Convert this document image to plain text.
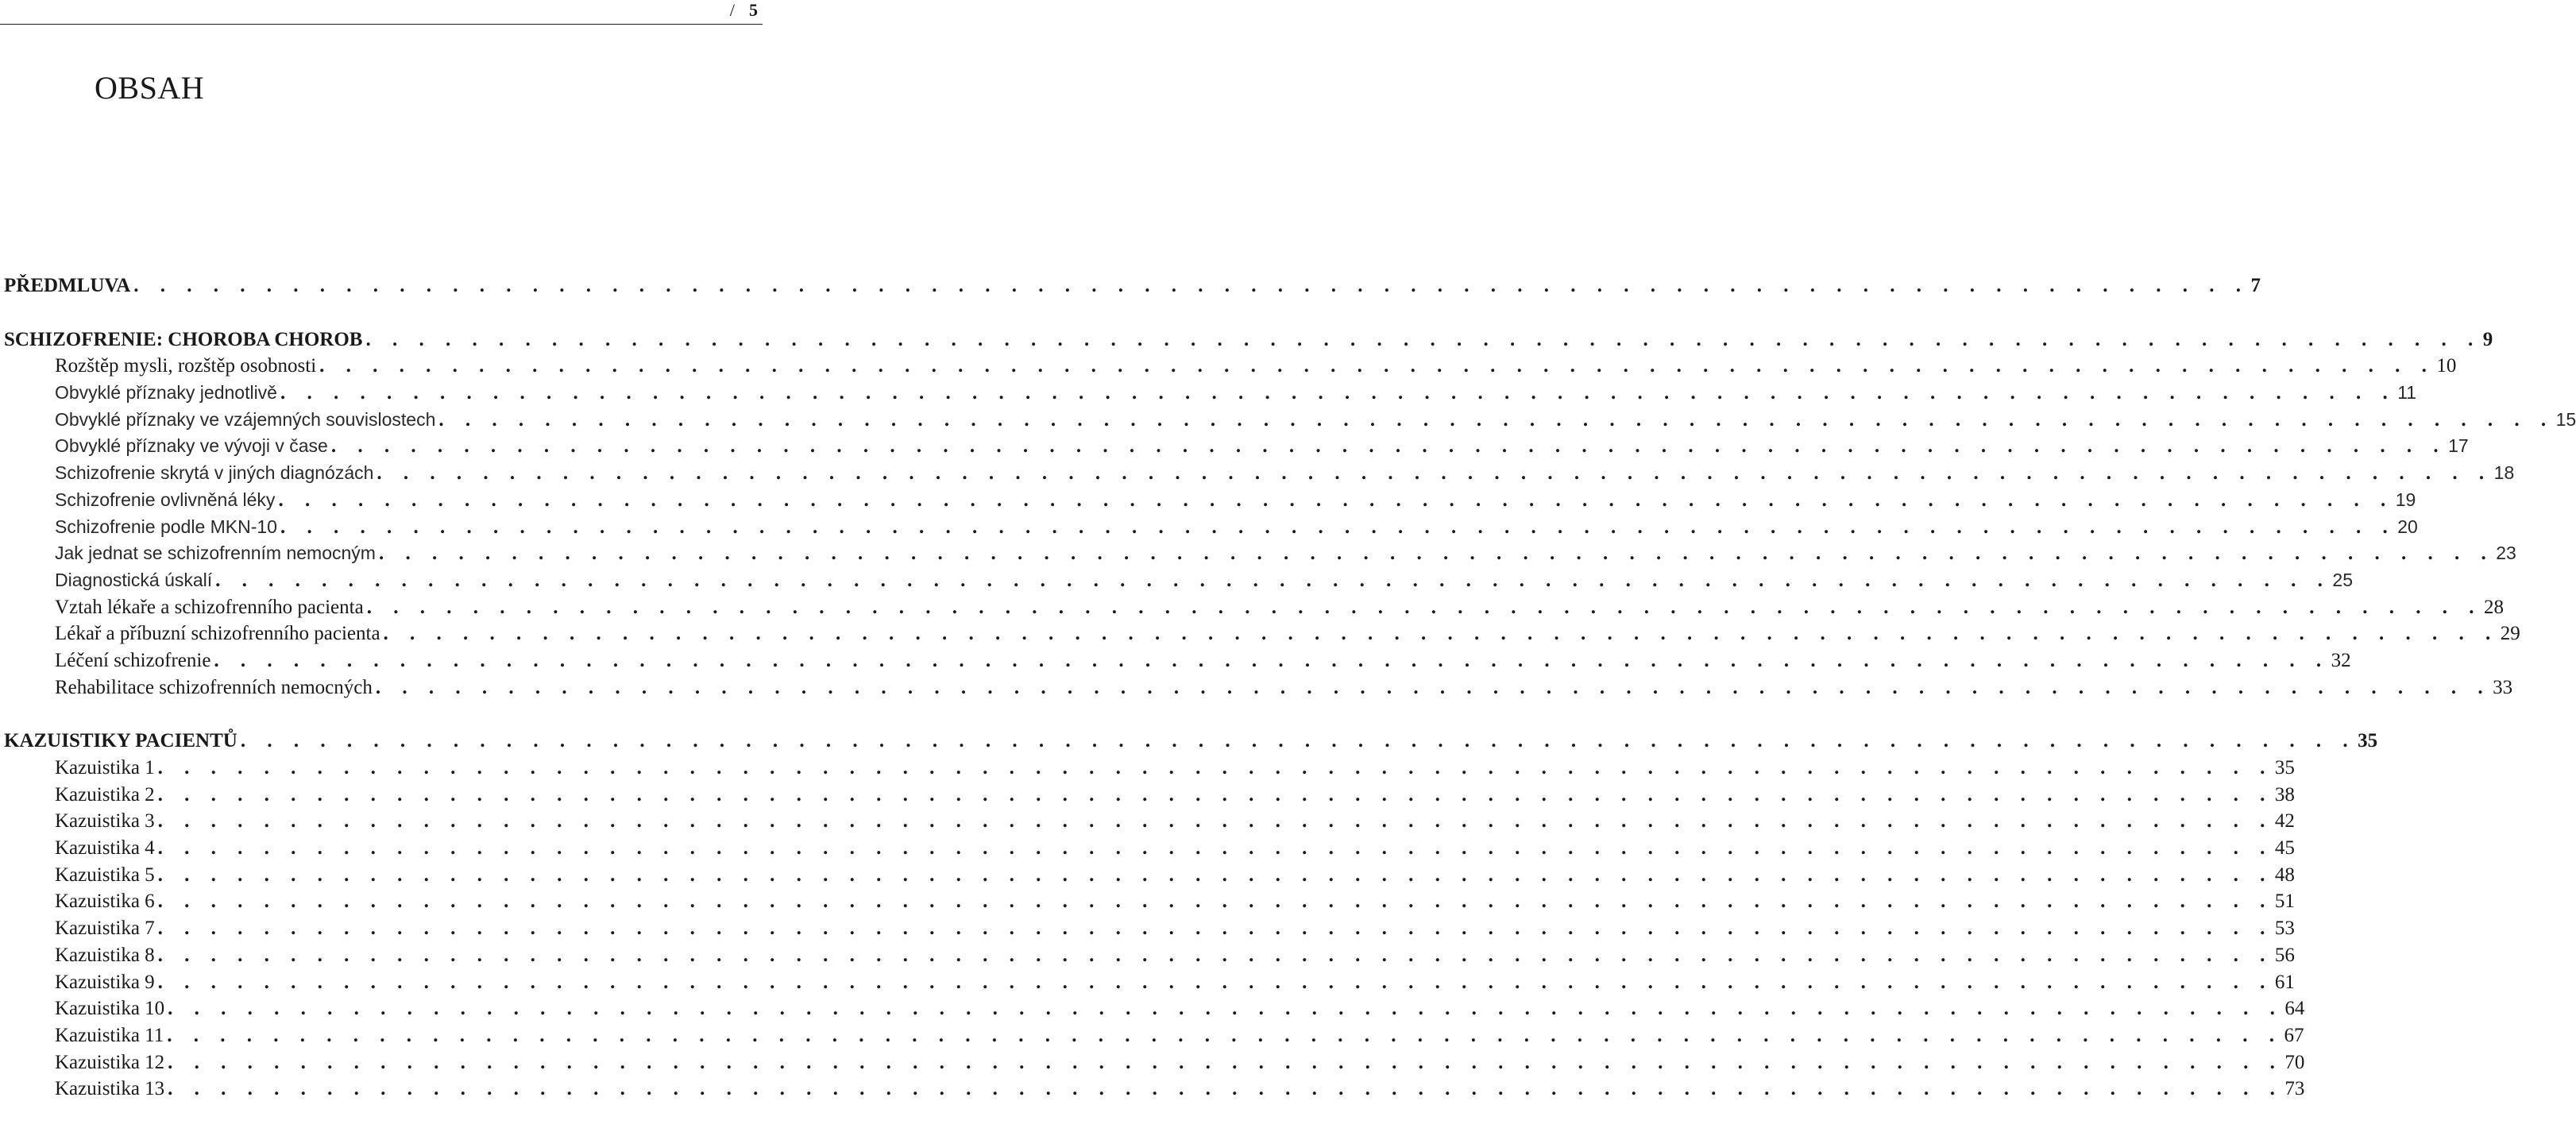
/ 5
OBSAH
PŘEDMLUVA . . . . . . . . . . . . . . . . . . . . . . . . . . . . . . . . . . . . . . . . . . . . . . . . . . . . . . . . . . . . . . . . . . . . . . . . . . . . . . . . 7
SCHIZOFRENIE: CHOROBA CHOROB . . . . . . . . . . . . . . . . . . . . . . . . . . . . . . . . . . . . . . . . . . . . . . . . . . . . . . . . . . . . . . . . . . . . . . . . . . . . . . . . 9
Rozštěp mysli, rozštěp osobnosti . . . . . . . . . . . . . . . . . . . . . . . . . . . . . . . . . . . . . . . . . . . . . . . . . . . . . . . . . . . . . . . . . . . . . . . . . . . . . . . . 10
Obvyklé příznaky jednotlivě . . . . . . . . . . . . . . . . . . . . . . . . . . . . . . . . . . . . . . . . . . . . . . . . . . . . . . . . . . . . . . . . . . . . . . . . . . . . . . . . 11
Obvyklé příznaky ve vzájemných souvislostech . . . . . . . . . . . . . . . . . . . . . . . . . . . . . . . . . . . . . . . . . . . . . . . . . . . . . . . . . . . . . . . . . . . . . . . . . . . . . . . . 15
Obvyklé příznaky ve vývoji v čase . . . . . . . . . . . . . . . . . . . . . . . . . . . . . . . . . . . . . . . . . . . . . . . . . . . . . . . . . . . . . . . . . . . . . . . . . . . . . . . . 17
Schizofrenie skrytá v jiných diagnózách . . . . . . . . . . . . . . . . . . . . . . . . . . . . . . . . . . . . . . . . . . . . . . . . . . . . . . . . . . . . . . . . . . . . . . . . . . . . . . . . 18
Schizofrenie ovlivněná léky . . . . . . . . . . . . . . . . . . . . . . . . . . . . . . . . . . . . . . . . . . . . . . . . . . . . . . . . . . . . . . . . . . . . . . . . . . . . . . . . 19
Schizofrenie podle MKN-10 . . . . . . . . . . . . . . . . . . . . . . . . . . . . . . . . . . . . . . . . . . . . . . . . . . . . . . . . . . . . . . . . . . . . . . . . . . . . . . . . 20
Jak jednat se schizofrenním nemocným . . . . . . . . . . . . . . . . . . . . . . . . . . . . . . . . . . . . . . . . . . . . . . . . . . . . . . . . . . . . . . . . . . . . . . . . . . . . . . . . 23
Diagnostická úskalí . . . . . . . . . . . . . . . . . . . . . . . . . . . . . . . . . . . . . . . . . . . . . . . . . . . . . . . . . . . . . . . . . . . . . . . . . . . . . . . . 25
Vztah lékaře a schizofrenního pacienta . . . . . . . . . . . . . . . . . . . . . . . . . . . . . . . . . . . . . . . . . . . . . . . . . . . . . . . . . . . . . . . . . . . . . . . . . . . . . . . . 28
Lékař a příbuzní schizofrenního pacienta . . . . . . . . . . . . . . . . . . . . . . . . . . . . . . . . . . . . . . . . . . . . . . . . . . . . . . . . . . . . . . . . . . . . . . . . . . . . . . . . 29
Léčení schizofrenie . . . . . . . . . . . . . . . . . . . . . . . . . . . . . . . . . . . . . . . . . . . . . . . . . . . . . . . . . . . . . . . . . . . . . . . . . . . . . . . . 32
Rehabilitace schizofrenních nemocných . . . . . . . . . . . . . . . . . . . . . . . . . . . . . . . . . . . . . . . . . . . . . . . . . . . . . . . . . . . . . . . . . . . . . . . . . . . . . . . . 33
KAZUISTIKY PACIENTŮ . . . . . . . . . . . . . . . . . . . . . . . . . . . . . . . . . . . . . . . . . . . . . . . . . . . . . . . . . . . . . . . . . . . . . . . . . . . . . . . . 35
Kazuistika 1 . . . . . . . . . . . . . . . . . . . . . . . . . . . . . . . . . . . . . . . . . . . . . . . . . . . . . . . . . . . . . . . . . . . . . . . . . . . . . . . . 35
Kazuistika 2 . . . . . . . . . . . . . . . . . . . . . . . . . . . . . . . . . . . . . . . . . . . . . . . . . . . . . . . . . . . . . . . . . . . . . . . . . . . . . . . . 38
Kazuistika 3 . . . . . . . . . . . . . . . . . . . . . . . . . . . . . . . . . . . . . . . . . . . . . . . . . . . . . . . . . . . . . . . . . . . . . . . . . . . . . . . . 42
Kazuistika 4 . . . . . . . . . . . . . . . . . . . . . . . . . . . . . . . . . . . . . . . . . . . . . . . . . . . . . . . . . . . . . . . . . . . . . . . . . . . . . . . . 45
Kazuistika 5 . . . . . . . . . . . . . . . . . . . . . . . . . . . . . . . . . . . . . . . . . . . . . . . . . . . . . . . . . . . . . . . . . . . . . . . . . . . . . . . . 48
Kazuistika 6 . . . . . . . . . . . . . . . . . . . . . . . . . . . . . . . . . . . . . . . . . . . . . . . . . . . . . . . . . . . . . . . . . . . . . . . . . . . . . . . . 51
Kazuistika 7 . . . . . . . . . . . . . . . . . . . . . . . . . . . . . . . . . . . . . . . . . . . . . . . . . . . . . . . . . . . . . . . . . . . . . . . . . . . . . . . . 53
Kazuistika 8 . . . . . . . . . . . . . . . . . . . . . . . . . . . . . . . . . . . . . . . . . . . . . . . . . . . . . . . . . . . . . . . . . . . . . . . . . . . . . . . . 56
Kazuistika 9 . . . . . . . . . . . . . . . . . . . . . . . . . . . . . . . . . . . . . . . . . . . . . . . . . . . . . . . . . . . . . . . . . . . . . . . . . . . . . . . . 61
Kazuistika 10 . . . . . . . . . . . . . . . . . . . . . . . . . . . . . . . . . . . . . . . . . . . . . . . . . . . . . . . . . . . . . . . . . . . . . . . . . . . . . . . . 64
Kazuistika 11 . . . . . . . . . . . . . . . . . . . . . . . . . . . . . . . . . . . . . . . . . . . . . . . . . . . . . . . . . . . . . . . . . . . . . . . . . . . . . . . . 67
Kazuistika 12 . . . . . . . . . . . . . . . . . . . . . . . . . . . . . . . . . . . . . . . . . . . . . . . . . . . . . . . . . . . . . . . . . . . . . . . . . . . . . . . . 70
Kazuistika 13 . . . . . . . . . . . . . . . . . . . . . . . . . . . . . . . . . . . . . . . . . . . . . . . . . . . . . . . . . . . . . . . . . . . . . . . . . . . . . . . . 73
